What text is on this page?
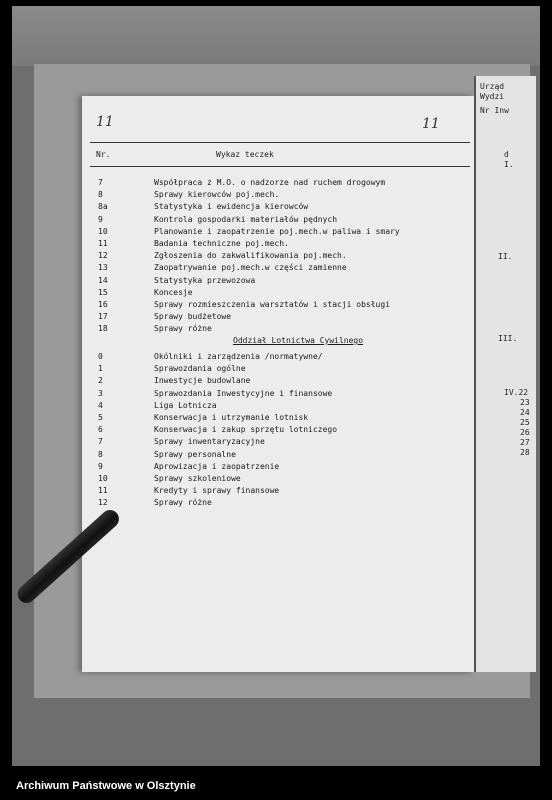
Urząd
Wydzi
Nr Inw
d
I.
II.
III.
IV.22
23
24
25
26
27
28
11	11
Nr.	Wykaz teczek
7	Współpraca z M.O. o nadzorze nad ruchem drogowym
8	Sprawy kierowców poj.mech.
8a	Statystyka i ewidencja kierowców
9	Kontrola gospodarki materiałów pędnych
10	Planowanie i zaopatrzenie poj.mech.w paliwa i smary
11	Badania techniczne poj.mech.
12	Zgłoszenia do zakwalifikowania poj.mech.
13	Zaopatrywanie poj.mech.w części zamienne
14	Statystyka przewozowa
15	Koncesje
16	Sprawy rozmieszczenia warsztatów i stacji obsługi
17	Sprawy budżetowe
18	Sprawy różne
Oddział Lotnictwa Cywilnego
0	Okólniki i zarządzenia /normatywne/
1	Sprawozdania ogólne
2	Inwestycje budowlane
3	Sprawozdania Inwestycyjne i finansowe
4	Liga Lotnicza
5	Konserwacja i utrzymanie lotnisk
6	Konserwacja i zakup sprzętu lotniczego
7	Sprawy inwentaryzacyjne
8	Sprawy personalne
9	Aprowizacja i zaopatrzenie
10	Sprawy szkoleniowe
11	Kredyty i sprawy finansowe
12	Sprawy różne
Archiwum Państwowe w Olsztynie
